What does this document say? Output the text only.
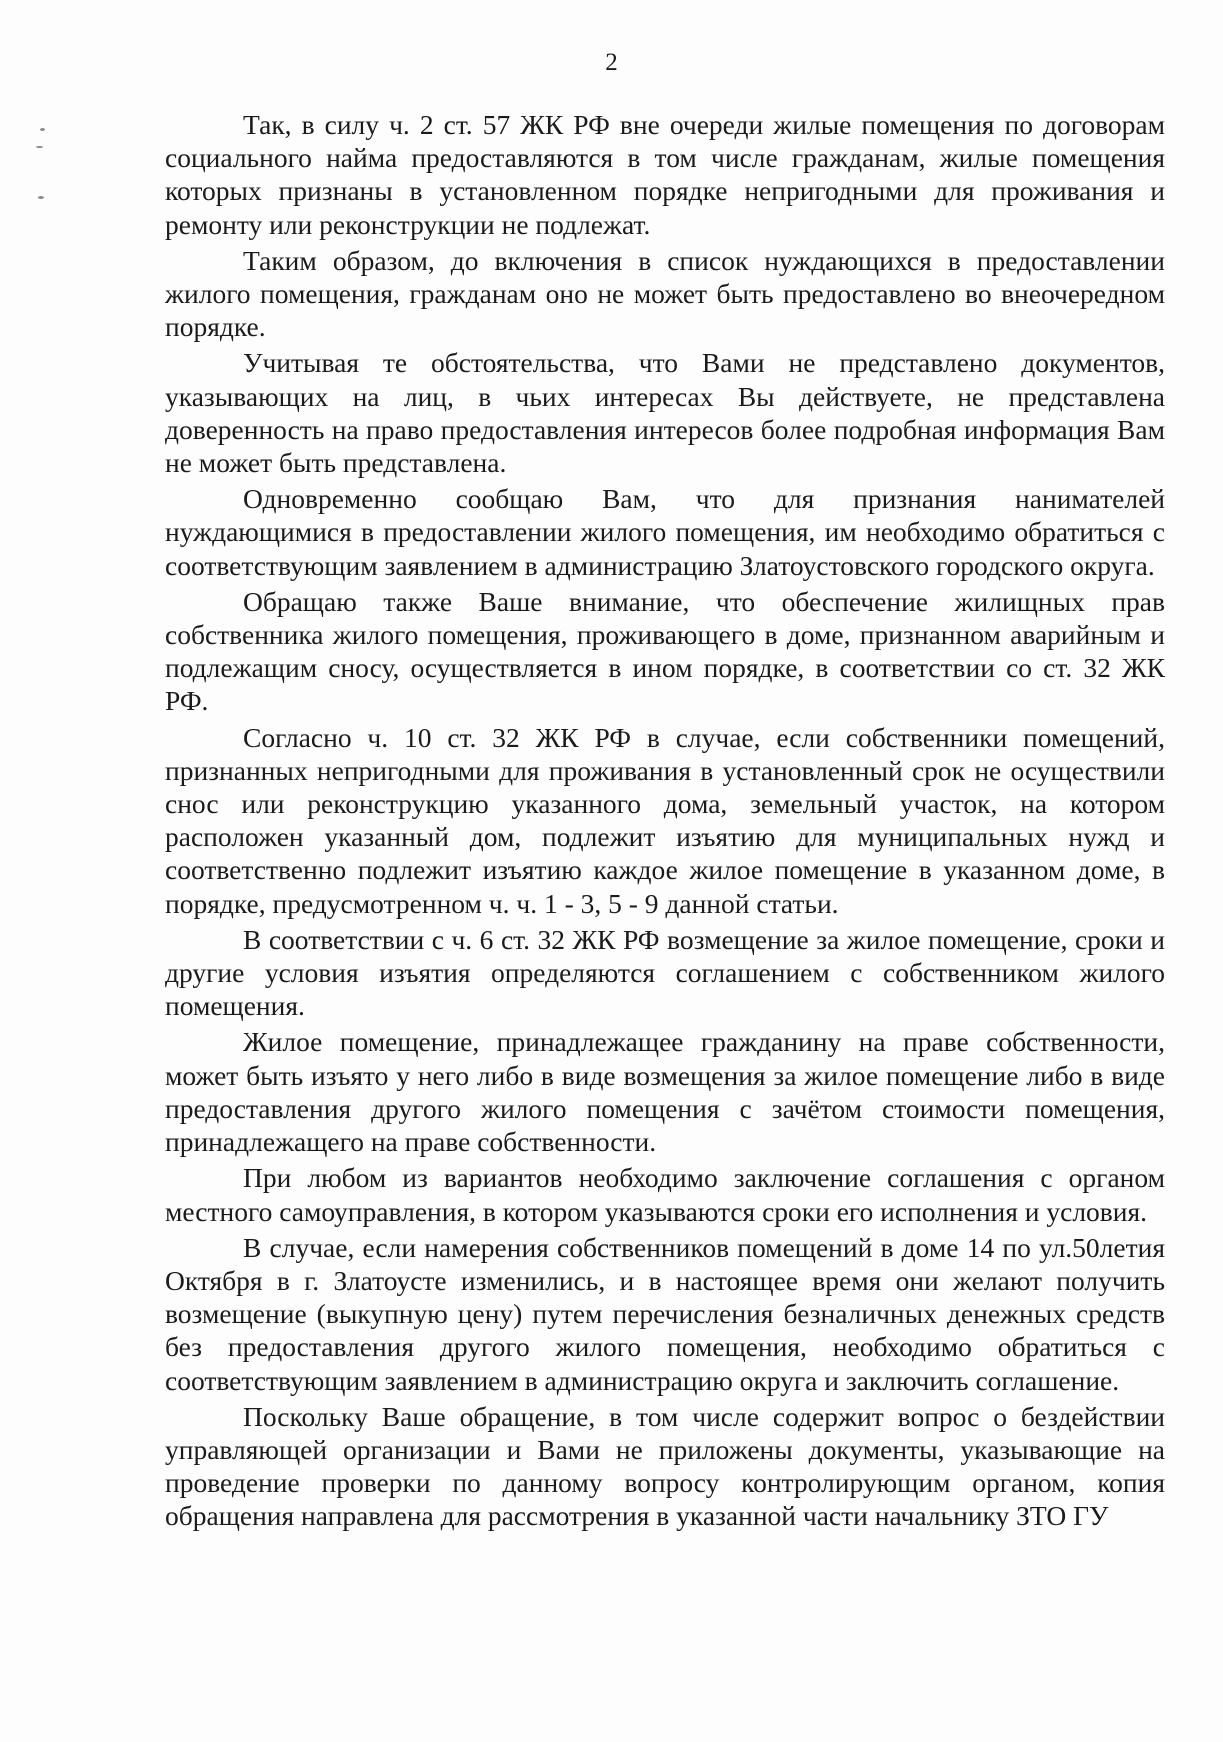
2

Так, в силу ч. 2 ст. 57 ЖК РФ вне очереди жилые помещения по договорам социального найма предоставляются в том числе гражданам, жилые помещения которых признаны в установленном порядке непригодными для проживания и ремонту или реконструкции не подлежат.

Таким образом, до включения в список нуждающихся в предоставлении жилого помещения, гражданам оно не может быть предоставлено во внеочередном порядке.

Учитывая те обстоятельства, что Вами не представлено документов, указывающих на лиц, в чьих интересах Вы действуете, не представлена доверенность на право предоставления интересов более подробная информация Вам не может быть представлена.

Одновременно сообщаю Вам, что для признания нанимателей нуждающимися в предоставлении жилого помещения, им необходимо обратиться с соответствующим заявлением в администрацию Златоустовского городского округа.

Обращаю также Ваше внимание, что обеспечение жилищных прав собственника жилого помещения, проживающего в доме, признанном аварийным и подлежащим сносу, осуществляется в ином порядке, в соответствии со ст. 32 ЖК РФ.

Согласно ч. 10 ст. 32 ЖК РФ в случае, если собственники помещений, признанных непригодными для проживания в установленный срок не осуществили снос или реконструкцию указанного дома, земельный участок, на котором расположен указанный дом, подлежит изъятию для муниципальных нужд и соответственно подлежит изъятию каждое жилое помещение в указанном доме, в порядке, предусмотренном ч. ч. 1 - 3, 5 - 9 данной статьи.

В соответствии с ч. 6 ст. 32 ЖК РФ возмещение за жилое помещение, сроки и другие условия изъятия определяются соглашением с собственником жилого помещения.

Жилое помещение, принадлежащее гражданину на праве собственности, может быть изъято у него либо в виде возмещения за жилое помещение либо в виде предоставления другого жилого помещения с зачётом стоимости помещения, принадлежащего на праве собственности.

При любом из вариантов необходимо заключение соглашения с органом местного самоуправления, в котором указываются сроки его исполнения и условия.

В случае, если намерения собственников помещений в доме 14 по ул.50летия Октября в г. Златоусте изменились, и в настоящее время они желают получить возмещение (выкупную цену) путем перечисления безналичных денежных средств без предоставления другого жилого помещения, необходимо обратиться с соответствующим заявлением в администрацию округа и заключить соглашение.

Поскольку Ваше обращение, в том числе содержит вопрос о бездействии управляющей организации и Вами не приложены документы, указывающие на проведение проверки по данному вопросу контролирующим органом, копия обращения направлена для рассмотрения в указанной части начальнику ЗТО ГУ
